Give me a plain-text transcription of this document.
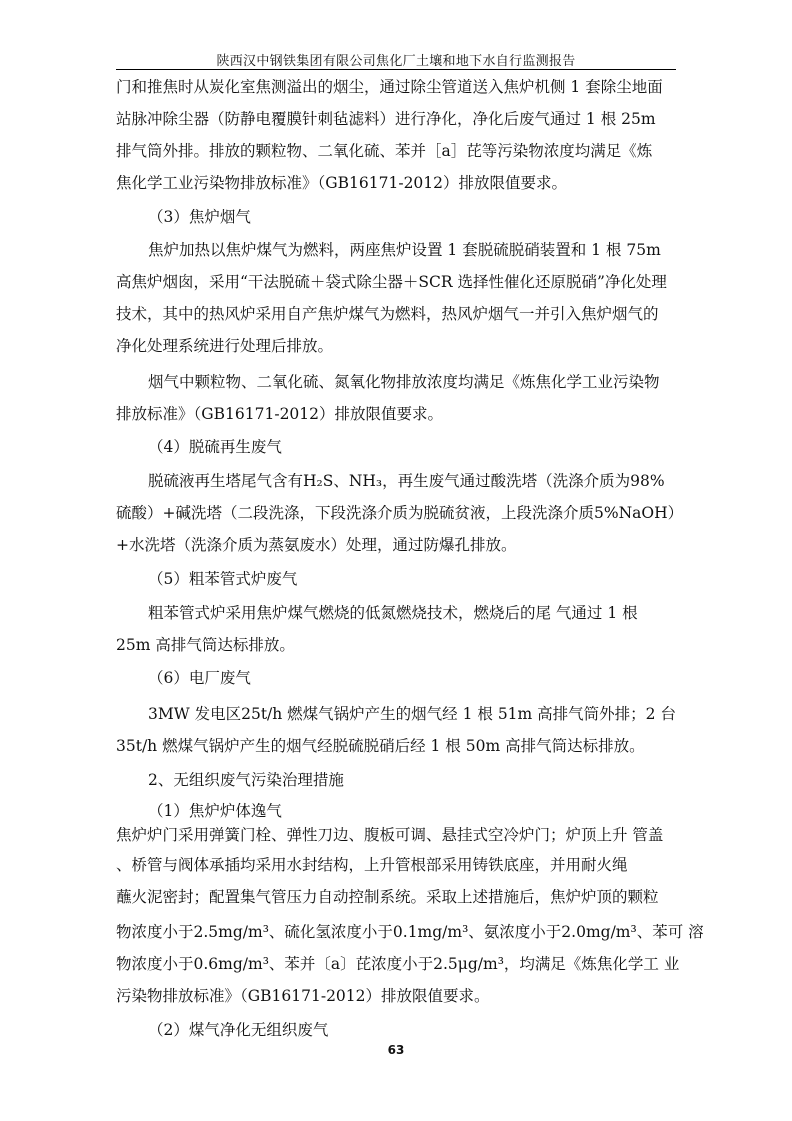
陕西汉中钢铁集团有限公司焦化厂土壤和地下水自行监测报告
门和推焦时从炭化室焦测溢出的烟尘，通过除尘管道送入焦炉机侧 1 套除尘地面
站脉冲除尘器（防静电覆膜针刺毡滤料）进行净化，净化后废气通过 1 根 25m
排气筒外排。排放的颗粒物、二氧化硫、苯并［a］芘等污染物浓度均满足《炼
焦化学工业污染物排放标准》（GB16171-2012）排放限值要求。
（3）焦炉烟气
焦炉加热以焦炉煤气为燃料，两座焦炉设置 1 套脱硫脱硝装置和 1 根 75m
高焦炉烟囱，采用“干法脱硫＋袋式除尘器＋SCR 选择性催化还原脱硝”净化处理
技术，其中的热风炉采用自产焦炉煤气为燃料，热风炉烟气一并引入焦炉烟气的
净化处理系统进行处理后排放。
烟气中颗粒物、二氧化硫、氮氧化物排放浓度均满足《炼焦化学工业污染物
排放标准》（GB16171-2012）排放限值要求。
（4）脱硫再生废气
脱硫液再生塔尾气含有H₂S、NH₃，再生废气通过酸洗塔（洗涤介质为98%
硫酸）+碱洗塔（二段洗涤，下段洗涤介质为脱硫贫液，上段洗涤介质5%NaOH）
+水洗塔（洗涤介质为蒸氨废水）处理，通过防爆孔排放。
（5）粗苯管式炉废气
粗苯管式炉采用焦炉煤气燃烧的低氮燃烧技术，燃烧后的尾 气通过 1 根
25m 高排气筒达标排放。
（6）电厂废气
3MW 发电区25t/h 燃煤气锅炉产生的烟气经 1 根 51m 高排气筒外排；2 台
35t/h 燃煤气锅炉产生的烟气经脱硫脱硝后经 1 根 50m 高排气筒达标排放。
2、无组织废气污染治理措施
（1）焦炉炉体逸气
焦炉炉门采用弹簧门栓、弹性刀边、腹板可调、悬挂式空冷炉门；炉顶上升 管盖
、桥管与阀体承插均采用水封结构，上升管根部采用铸铁底座，并用耐火绳
蘸火泥密封；配置集气管压力自动控制系统。采取上述措施后，焦炉炉顶的颗粒
物浓度小于2.5mg/m³、硫化氢浓度小于0.1mg/m³、氨浓度小于2.0mg/m³、苯可 溶
物浓度小于0.6mg/m³、苯并〔a〕芘浓度小于2.5μg/m³，均满足《炼焦化学工 业
污染物排放标准》（GB16171-2012）排放限值要求。
（2）煤气净化无组织废气
63
